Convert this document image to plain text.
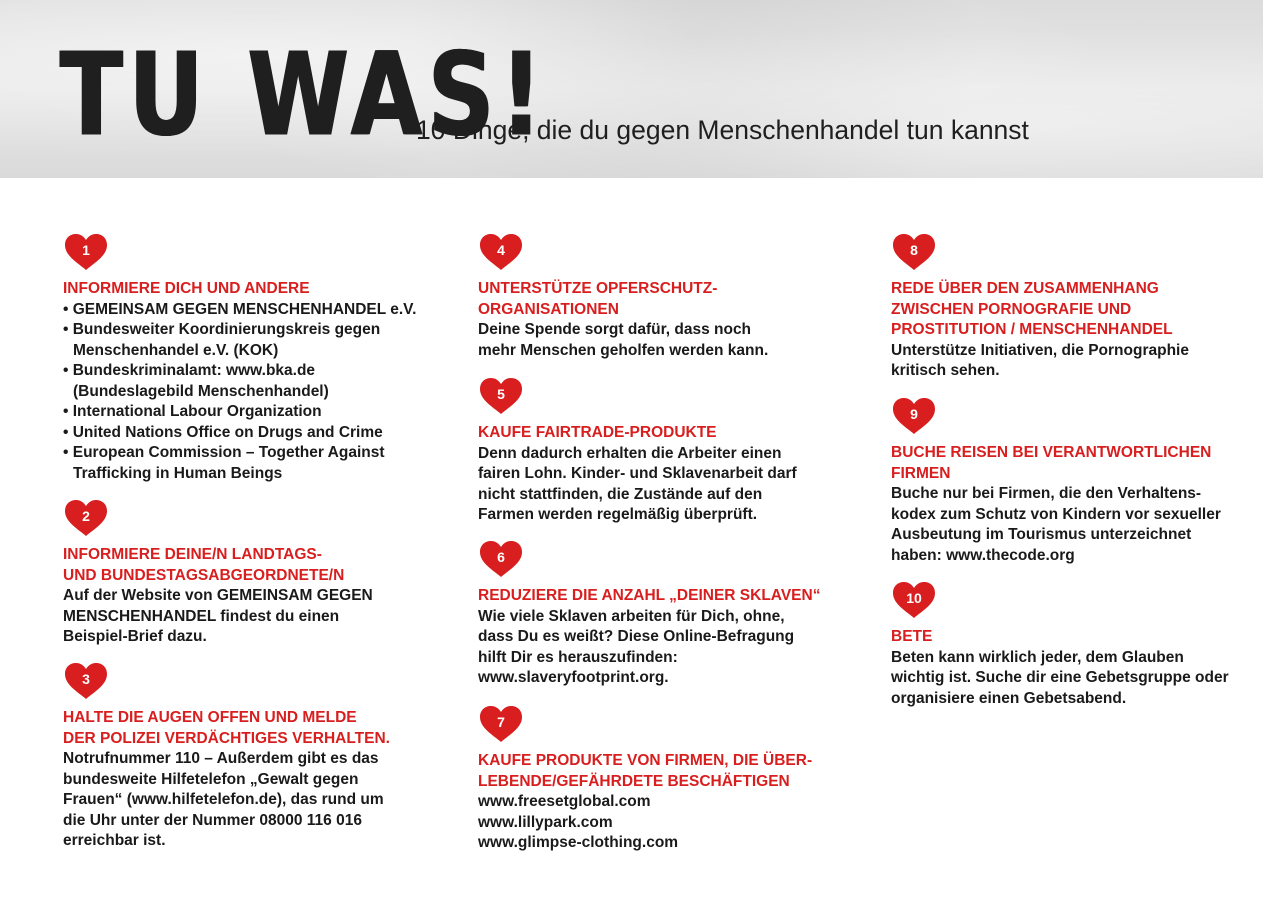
TU WAS!
10 Dinge, die du gegen Menschenhandel tun kannst
1

INFORMIERE DICH UND ANDERE

• GEMEINSAM GEGEN MENSCHENHANDEL e.V.
• Bundesweiter Koordinierungskreis gegen
Menschenhandel e.V. (KOK)
• Bundeskriminalamt: www.bka.de
(Bundeslagebild Menschenhandel)
• International Labour Organization
• United Nations Office on Drugs and Crime
• European Commission – Together Against
Trafficking in Human Beings
2

INFORMIERE DEINE/N LANDTAGS-
UND BUNDESTAGSABGEORDNETE/N

Auf der Website von GEMEINSAM GEGEN
MENSCHENHANDEL findest du einen
Beispiel-Brief dazu.

3

HALTE DIE AUGEN OFFEN UND MELDE
DER POLIZEI VERDÄCHTIGES VERHALTEN.

Notrufnummer 110 – Außerdem gibt es das
bundesweite Hilfetelefon „Gewalt gegen
Frauen“ (www.hilfetelefon.de), das rund um
die Uhr unter der Nummer 08000 116 016
erreichbar ist.

4

UNTERSTÜTZE OPFERSCHUTZ-
ORGANISATIONEN

Deine Spende sorgt dafür, dass noch
mehr Menschen geholfen werden kann.

5

KAUFE FAIRTRADE-PRODUKTE

Denn dadurch erhalten die Arbeiter einen
fairen Lohn. Kinder- und Sklavenarbeit darf
nicht stattfinden, die Zustände auf den
Farmen werden regelmäßig überprüft.

6

REDUZIERE DIE ANZAHL „DEINER SKLAVEN“

Wie viele Sklaven arbeiten für Dich, ohne,
dass Du es weißt? Diese Online-Befragung
hilft Dir es herauszufinden:
www.slaveryfootprint.org.

7

KAUFE PRODUKTE VON FIRMEN, DIE ÜBER-
LEBENDE/GEFÄHRDETE BESCHÄFTIGEN

www.freesetglobal.com
www.lillypark.com
www.glimpse-clothing.com

8

REDE ÜBER DEN ZUSAMMENHANG
ZWISCHEN PORNOGRAFIE UND
PROSTITUTION / MENSCHENHANDEL

Unterstütze Initiativen, die Pornographie
kritisch sehen.

9

BUCHE REISEN BEI VERANTWORTLICHEN
FIRMEN

Buche nur bei Firmen, die den Verhaltens-
kodex zum Schutz von Kindern vor sexueller
Ausbeutung im Tourismus unterzeichnet
haben: www.thecode.org

10

BETE

Beten kann wirklich jeder, dem Glauben
wichtig ist. Suche dir eine Gebetsgruppe oder
organisiere einen Gebetsabend.
